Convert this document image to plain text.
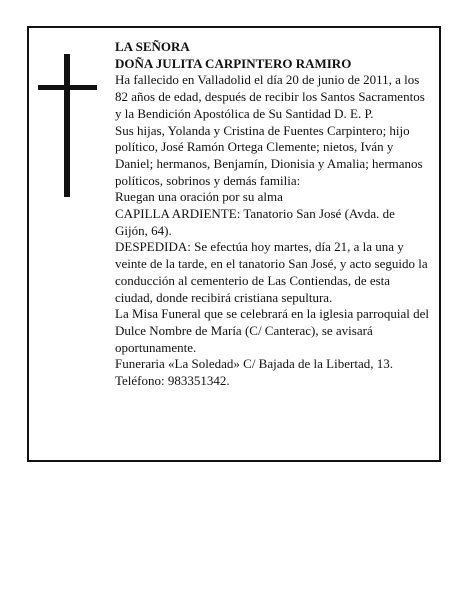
LA SEÑORA

DOÑA JULITA CARPINTERO RAMIRO

Ha fallecido en Valladolid el día 20 de junio de 2011, a los 82 años de edad, después de recibir los Santos Sacramentos y la Bendición Apostólica de Su Santidad D. E. P.

Sus hijas, Yolanda y Cristina de Fuentes Carpintero; hijo político, José Ramón Ortega Clemente; nietos, Iván y Daniel; hermanos, Benjamín, Dionisia y Amalia; hermanos políticos, sobrinos y demás familia:

Ruegan una oración por su alma

CAPILLA ARDIENTE: Tanatorio San José (Avda. de Gijón, 64).

DESPEDIDA: Se efectúa hoy martes, día 21, a la una y veinte de la tarde, en el tanatorio San José, y acto seguido la conducción al cementerio de Las Contiendas, de esta ciudad, donde recibirá cristiana sepultura.

La Misa Funeral que se celebrará en la iglesia parroquial del Dulce Nombre de María (C/ Canterac), se avisará oportunamente.

Funeraria «La Soledad» C/ Bajada de la Libertad, 13. Teléfono: 983351342.
